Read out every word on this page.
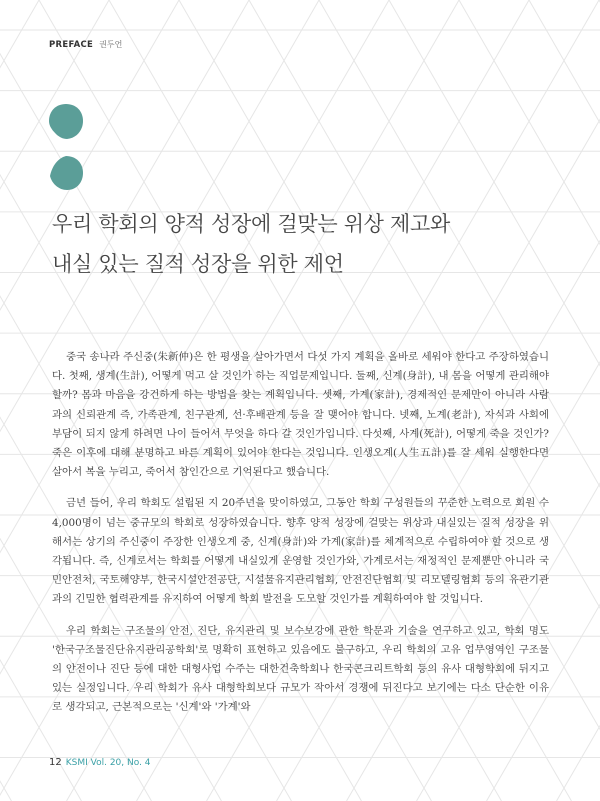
PREFACE 권두언
우리 학회의 양적 성장에 걸맞는 위상 제고와
내실 있는 질적 성장을 위한 제언

중국 송나라 주신중(朱新仲)은 한 평생을 살아가면서 다섯 가지 계획을 올바로 세워야 한다고 주장하였습니다. 첫째, 생계(生計), 어떻게 먹고 살 것인가 하는 직업문제입니다. 둘째, 신계(身計), 내 몸을 어떻게 관리해야 할까? 몸과 마음을 강건하게 하는 방법을 찾는 계획입니다. 셋째, 가계(家計), 경제적인 문제만이 아니라 사람과의 신뢰관계 즉, 가족관계, 친구관계, 선·후배관계 등을 잘 맺어야 합니다. 넷째, 노계(老計), 자식과 사회에 부담이 되지 않게 하려면 나이 들어서 무엇을 하다 갈 것인가입니다. 다섯째, 사계(死計), 어떻게 죽을 것인가? 죽은 이후에 대해 분명하고 바른 계획이 있어야 한다는 것입니다. 인생오계(人生五計)를 잘 세워 실행한다면 살아서 복을 누리고, 죽어서 참인간으로 기억된다고 했습니다.

금년 들어, 우리 학회도 설립된 지 20주년을 맞이하였고, 그동안 학회 구성원들의 꾸준한 노력으로 회원 수 4,000명이 넘는 중규모의 학회로 성장하였습니다. 향후 양적 성장에 걸맞는 위상과 내실있는 질적 성장을 위해서는 상기의 주신중이 주장한 인생오계 중, 신계(身計)와 가계(家計)를 체계적으로 수립하여야 할 것으로 생각됩니다. 즉, 신계로서는 학회를 어떻게 내실있게 운영할 것인가와, 가계로서는 재정적인 문제뿐만 아니라 국민안전처, 국토해양부, 한국시설안전공단, 시설물유지관리협회, 안전진단협회 및 리모델링협회 등의 유관기관과의 긴밀한 협력관계를 유지하여 어떻게 학회 발전을 도모할 것인가를 계획하여야 할 것입니다.

우리 학회는 구조물의 안전, 진단, 유지관리 및 보수보강에 관한 학문과 기술을 연구하고 있고, 학회 명도 '한국구조물진단유지관리공학회'로 명확히 표현하고 있음에도 불구하고, 우리 학회의 고유 업무영역인 구조물의 안전이나 진단 등에 대한 대형사업 수주는 대한건축학회나 한국콘크리트학회 등의 유사 대형학회에 뒤지고 있는 실정입니다. 우리 학회가 유사 대형학회보다 규모가 작아서 경쟁에 뒤진다고 보기에는 다소 단순한 이유로 생각되고, 근본적으로는 '신계'와 '가계'와

12 KSMI Vol. 20, No. 4
